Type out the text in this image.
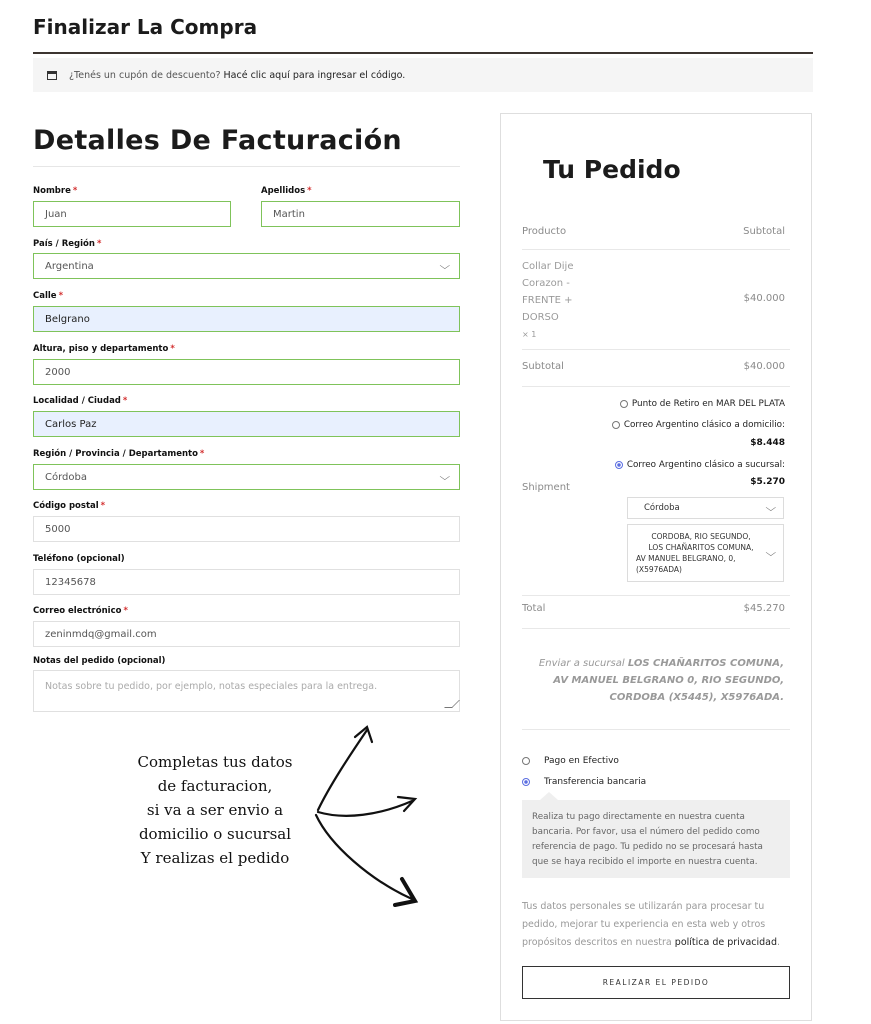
Finalizar La Compra
¿Tenés un cupón de descuento? Hacé clic aquí para ingresar el código.
Detalles De Facturación
Nombre *
Juan
Apellidos *
Martin
País / Región *
Argentina	⌵
Calle *
Belgrano
Altura, piso y departamento *
2000
Localidad / Ciudad *
Carlos Paz
Región / Provincia / Departamento *
Córdoba	⌵
Código postal *
5000
Teléfono (opcional)
12345678
Correo electrónico *
zeninmdq@gmail.com
Notas del pedido (opcional)
Notas sobre tu pedido, por ejemplo, notas especiales para la entrega.
Completas tus datos
de facturacion,
si va a ser envio a
domicilio o sucursal
Y realizas el pedido
Tu Pedido
Producto	Subtotal
Collar Dije
Corazon -
FRENTE +
DORSO
× 1
$40.000
Subtotal	$40.000
Shipment
Punto de Retiro en MAR DEL PLATA
Correo Argentino clásico a domicilio:
$8.448
Correo Argentino clásico a sucursal:
$5.270
Córdoba	⌵
CORDOBA, RIO SEGUNDO,
LOS CHAÑARITOS COMUNA,
AV MANUEL BELGRANO, 0,
(X5976ADA)
⌵
Total	$45.270
Enviar a sucursal LOS CHAÑARITOS COMUNA, AV MANUEL BELGRANO 0, RIO SEGUNDO, CORDOBA (X5445), X5976ADA.
Pago en Efectivo
Transferencia bancaria
Realiza tu pago directamente en nuestra cuenta bancaria. Por favor, usa el número del pedido como referencia de pago. Tu pedido no se procesará hasta que se haya recibido el importe en nuestra cuenta.
Tus datos personales se utilizarán para procesar tu pedido, mejorar tu experiencia en esta web y otros propósitos descritos en nuestra política de privacidad.
REALIZAR EL PEDIDO
